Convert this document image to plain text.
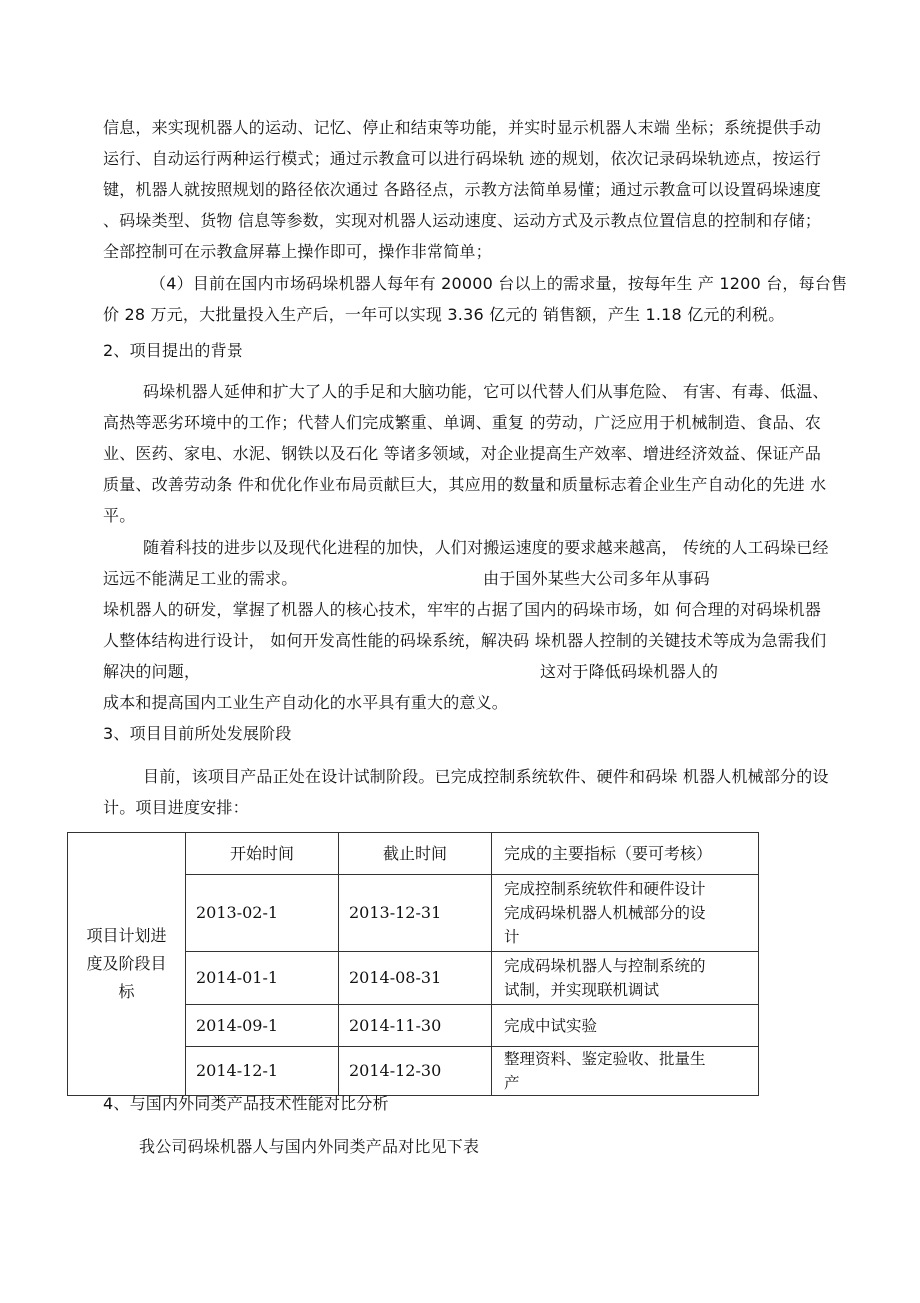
信息，来实现机器人的运动、记忆、停止和结束等功能，并实时显示机器人末端 坐标；系统提供手动
运行、自动运行两种运行模式；通过示教盒可以进行码垛轨 迹的规划，依次记录码垛轨迹点，按运行
键，机器人就按照规划的路径依次通过 各路径点，示教方法简单易懂；通过示教盒可以设置码垛速度
、码垛类型、货物 信息等参数，实现对机器人运动速度、运动方式及示教点位置信息的控制和存储；
全部控制可在示教盒屏幕上操作即可，操作非常简单；
（4）目前在国内市场码垛机器人每年有 20000 台以上的需求量，按每年生 产 1200 台，每台售
价 28 万元，大批量投入生产后，一年可以实现 3.36 亿元的 销售额，产生 1.18 亿元的利税。
2、项目提出的背景
码垛机器人延伸和扩大了人的手足和大脑功能，它可以代替人们从事危险、 有害、有毒、低温、
高热等恶劣环境中的工作；代替人们完成繁重、单调、重复 的劳动，广泛应用于机械制造、食品、农
业、医药、家电、水泥、钢铁以及石化 等诸多领域，对企业提高生产效率、增进经济效益、保证产品
质量、改善劳动条 件和优化作业布局贡献巨大，其应用的数量和质量标志着企业生产自动化的先进 水
平。
随着科技的进步以及现代化进程的加快，人们对搬运速度的要求越来越高， 传统的人工码垛已经
远远不能满足工业的需求。	由于国外某些大公司多年从事码
垛机器人的研发，掌握了机器人的核心技术，牢牢的占据了国内的码垛市场，如 何合理的对码垛机器
人整体结构进行设计， 如何开发高性能的码垛系统，解决码 垛机器人控制的关键技术等成为急需我们
解决的问题，	这对于降低码垛机器人的
成本和提高国内工业生产自动化的水平具有重大的意义。
3、项目目前所处发展阶段
目前，该项目产品正处在设计试制阶段。已完成控制系统软件、硬件和码垛 机器人机械部分的设
计。项目进度安排：
项目计划进
度及阶段目
标	开始时间	截止时间	完成的主要指标（要可考核）
	2013-02-1	2013-12-31	完成控制系统软件和硬件设计
完成码垛机器人机械部分的设
计
	2014-01-1	2014-08-31	完成码垛机器人与控制系统的
试制，并实现联机调试
	2014-09-1	2014-11-30	完成中试实验
	2014-12-1	2014-12-30	整理资料、鉴定验收、批量生
产
4、与国内外同类产品技术性能对比分析
我公司码垛机器人与国内外同类产品对比见下表
